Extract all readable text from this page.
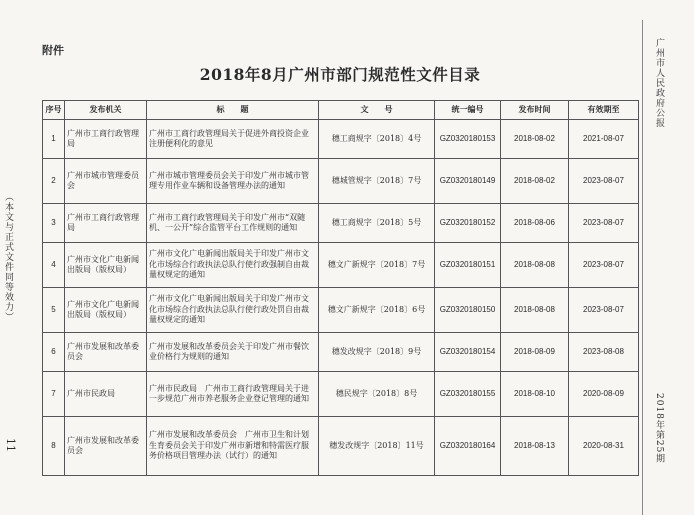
（本文与正式文件同等效力）
11
广州市人民政府公报
2018年第25期
附件
2018年8月广州市部门规范性文件目录
序号	发布机关	标　　题	文　　号	统一编号	发布时间	有效期至
1	广州市工商行政管理局	广州市工商行政管理局关于促进外商投资企业注册便利化的意见	穗工商规字〔2018〕4号	GZ0320180153	2018-08-02	2021-08-07
2	广州市城市管理委员会	广州市城市管理委员会关于印发广州市城市管理专用作业车辆和设备管理办法的通知	穗城管规字〔2018〕7号	GZ0320180149	2018-08-02	2023-08-07
3	广州市工商行政管理局	广州市工商行政管理局关于印发广州市“双随机、一公开”综合监管平台工作规则的通知	穗工商规字〔2018〕5号	GZ0320180152	2018-08-06	2023-08-07
4	广州市文化广电新闻出版局（版权局）	广州市文化广电新闻出版局关于印发广州市文化市场综合行政执法总队行使行政强制自由裁量权规定的通知	穗文广新规字〔2018〕7号	GZ0320180151	2018-08-08	2023-08-07
5	广州市文化广电新闻出版局（版权局）	广州市文化广电新闻出版局关于印发广州市文化市场综合行政执法总队行使行政处罚自由裁量权规定的通知	穗文广新规字〔2018〕6号	GZ0320180150	2018-08-08	2023-08-07
6	广州市发展和改革委员会	广州市发展和改革委员会关于印发广州市餐饮业价格行为规则的通知	穗发改规字〔2018〕9号	GZ0320180154	2018-08-09	2023-08-08
7	广州市民政局	广州市民政局　广州市工商行政管理局关于进一步规范广州市养老服务企业登记管理的通知	穗民规字〔2018〕8号	GZ0320180155	2018-08-10	2020-08-09
8	广州市发展和改革委员会	广州市发展和改革委员会　广州市卫生和计划生育委员会关于印发广州市新增和特需医疗服务价格项目管理办法（试行）的通知	穗发改规字〔2018〕11号	GZ0320180164	2018-08-13	2020-08-31
